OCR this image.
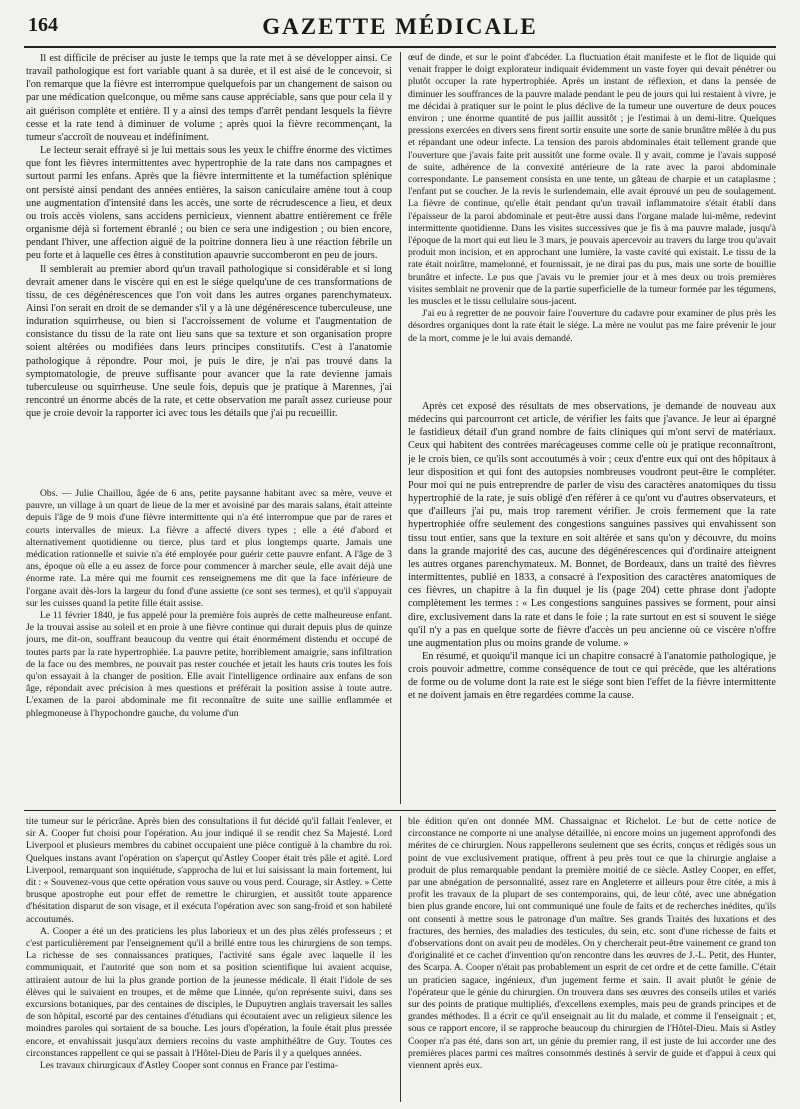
164	GAZETTE MÉDICALE

Il est difficile de préciser au juste le temps que la rate met à se développer ainsi. Ce travail pathologique est fort variable quant à sa durée, et il est aisé de le concevoir, si l'on remarque que la fièvre est interrompue quelquefois par un changement de saison ou par une médication quelconque, ou même sans cause appréciable, sans que pour cela il y ait guérison complète et entière. Il y a ainsi des temps d'arrêt pendant lesquels la fièvre cesse et la rate tend à diminuer de volume ; après quoi la fièvre recommençant, la tumeur s'accroît de nouveau et indéfiniment.

Le lecteur serait effrayé si je lui mettais sous les yeux le chiffre énorme des victimes que font les fièvres intermittentes avec hypertrophie de la rate dans nos campagnes et surtout parmi les enfans. Après que la fièvre intermittente et la tuméfaction splénique ont persisté ainsi pendant des années entières, la saison caniculaire amène tout à coup une augmentation d'intensité dans les accès, une sorte de récrudescence a lieu, et deux ou trois accès violens, sans accidens pernicieux, viennent abattre entièrement ce frêle organisme déjà si fortement ébranlé ; ou bien ce sera une indigestion ; ou bien encore, pendant l'hiver, une affection aiguë de la poitrine donnera lieu à une réaction fébrile un peu forte et à laquelle ces êtres à constitution apauvrie succomberont en peu de jours.

Il semblerait au premier abord qu'un travail pathologique si considérable et si long devrait amener dans le viscère qui en est le siége quelqu'une de ces transformations de tissu, de ces dégénérescences que l'on voit dans les autres organes parenchymateux. Ainsi l'on serait en droit de se demander s'il y a là une dégénérescence tuberculeuse, une induration squirrheuse, ou bien si l'accroissement de volume et l'augmentation de consistance du tissu de la rate ont lieu sans que sa texture et son organisation propre soient altérées ou modifiées dans leurs principes constitutifs. C'est à l'anatomie pathologique à répondre. Pour moi, je puis le dire, je n'ai pas trouvé dans la symptomatologie, de preuve suffisante pour avancer que la rate devienne jamais tuberculeuse ou squirrheuse. Une seule fois, depuis que je pratique à Marennes, j'ai rencontré un énorme abcès de la rate, et cette observation me paraît assez curieuse pour que je croie devoir la rapporter ici avec tous les détails que j'ai pu recueillir.

Obs. — Julie Chaillou, âgée de 6 ans, petite paysanne habitant avec sa mère, veuve et pauvre, un village à un quart de lieue de la mer et avoisiné par des marais salans, était atteinte depuis l'âge de 9 mois d'une fièvre intermittente qui n'a été interrompue que par de rares et courts intervalles de mieux. La fièvre a affecté divers types ; elle a été d'abord et alternativement quotidienne ou tierce, plus tard et plus longtemps quarte. Jamais une médication rationnelle et suivie n'a été employée pour guérir cette pauvre enfant. A l'âge de 3 ans, époque où elle a eu assez de force pour commencer à marcher seule, elle avait déjà une énorme rate. La mère qui me fournit ces renseignemens me dit que la face inférieure de l'organe avait dès-lors la largeur du fond d'une assiette (ce sont ses termes), et qu'il s'appuyait sur les cuisses quand la petite fille était assise.

Le 11 février 1840, je fus appelé pour la première fois auprès de cette malheureuse enfant. Je la trouvai assise au soleil et en proie à une fièvre continue qui durait depuis plus de quinze jours, me dit-on, souffrant beaucoup du ventre qui était énormément distendu et occupé de toutes parts par la rate hypertrophiée. La pauvre petite, horriblement amaigrie, sans infiltration de la face ou des membres, ne pouvait pas rester couchée et jetait les hauts cris toutes les fois qu'on essayait à la changer de position. Elle avait l'intelligence ordinaire aux enfans de son âge, répondait avec précision à mes questions et préférait la position assise à toute autre. L'examen de la paroi abdominale me fit reconnaître de suite une saillie enflammée et phlegmoneuse à l'hypochondre gauche, du volume d'un

œuf de dinde, et sur le point d'abcéder. La fluctuation était manifeste et le flot de liquide qui venait frapper le doigt explorateur indiquait évidemment un vaste foyer qui devait pénétrer ou plutôt occuper la rate hypertrophiée. Après un instant de réflexion, et dans la pensée de diminuer les souffrances de la pauvre malade pendant le peu de jours qui lui restaient à vivre, je me décidai à pratiquer sur le point le plus déclive de la tumeur une ouverture de deux pouces environ ; une énorme quantité de pus jaillit aussitôt ; je l'estimai à un demi-litre. Quelques pressions exercées en divers sens firent sortir ensuite une sorte de sanie brunâtre mêlée à du pus et répandant une odeur infecte. La tension des parois abdominales était tellement grande que l'ouverture que j'avais faite prit aussitôt une forme ovale. Il y avait, comme je l'avais supposé de suite, adhérence de la convexité antérieure de la rate avec la paroi abdominale correspondante. Le pansement consista en une tente, un gâteau de charpie et un cataplasme ; l'enfant put se coucher. Je la revis le surlendemain, elle avait éprouvé un peu de soulagement. La fièvre de continue, qu'elle était pendant qu'un travail inflammatoire s'était établi dans l'épaisseur de la paroi abdominale et peut-être aussi dans l'organe malade lui-même, redevint intermittente quotidienne. Dans les visites successives que je fis à ma pauvre malade, jusqu'à l'époque de la mort qui eut lieu le 3 mars, je pouvais apercevoir au travers du large trou qu'avait produit mon incision, et en approchant une lumière, la vaste cavité qui existait. Le tissu de la rate était noirâtre, mamelonné, et fournissait, je ne dirai pas du pus, mais une sorte de bouillie brunâtre et infecte. Le pus que j'avais vu le premier jour et à mes deux ou trois premières visites semblait ne provenir que de la partie superficielle de la tumeur formée par les tégumens, les muscles et le tissu cellulaire sous-jacent.

J'ai eu à regretter de ne pouvoir faire l'ouverture du cadavre pour examiner de plus près les désordres organiques dont la rate était le siége. La mère ne voulut pas me faire prévenir le jour de la mort, comme je le lui avais demandé.

Après cet exposé des résultats de mes observations, je demande de nouveau aux médecins qui parcourront cet article, de vérifier les faits que j'avance. Je leur ai épargné le fastidieux détail d'un grand nombre de faits cliniques qui m'ont servi de matériaux. Ceux qui habitent des contrées marécageuses comme celle où je pratique reconnaîtront, je le crois bien, ce qu'ils sont accoutumés à voir ; ceux d'entre eux qui ont des hôpitaux à leur disposition et qui font des autopsies nombreuses voudront peut-être le compléter. Pour moi qui ne puis entreprendre de parler de visu des caractères anatomiques du tissu hypertrophié de la rate, je suis obligé d'en référer à ce qu'ont vu d'autres observateurs, et que d'ailleurs j'ai pu, mais trop rarement vérifier. Je crois fermement que la rate hypertrophiée offre seulement des congestions sanguines passives qui envahissent son tissu tout entier, sans que la texture en soit altérée et sans qu'on y découvre, du moins dans la grande majorité des cas, aucune des dégénérescences qui d'ordinaire atteignent les autres organes parenchymateux. M. Bonnet, de Bordeaux, dans un traité des fièvres intermittentes, publié en 1833, a consacré à l'exposition des caractères anatomiques de ces fièvres, un chapitre à la fin duquel je lis (page 204) cette phrase dont j'adopte complètement les termes : « Les congestions sanguines passives se forment, pour ainsi dire, exclusivement dans la rate et dans le foie ; la rate surtout en est si souvent le siége qu'il n'y a pas en quelque sorte de fièvre d'accès un peu ancienne où ce viscère n'offre une augmentation plus ou moins grande de volume. »

En résumé, et quoiqu'il manque ici un chapitre consacré à l'anatomie pathologique, je crois pouvoir admettre, comme conséquence de tout ce qui précède, que les altérations de forme ou de volume dont la rate est le siége sont bien l'effet de la fièvre intermittente et ne doivent jamais en être regardées comme la cause.

tite tumeur sur le péricrâne. Après bien des consultations il fut décidé qu'il fallait l'enlever, et sir A. Cooper fut choisi pour l'opération. Au jour indiqué il se rendit chez Sa Majesté. Lord Liverpool et plusieurs membres du cabinet occupaient une pièce contiguë à la chambre du roi. Quelques instans avant l'opération on s'aperçut qu'Astley Cooper était très pâle et agité. Lord Liverpool, remarquant son inquiétude, s'approcha de lui et lui saisissant la main fortement, lui dit : « Souvenez-vous que cette opération vous sauve ou vous perd. Courage, sir Astley. » Cette brusque apostrophe eut pour effet de remettre le chirurgien, et aussitôt toute apparence d'hésitation disparut de son visage, et il exécuta l'opération avec son sang-froid et son habileté accoutumés.

A. Cooper a été un des praticiens les plus laborieux et un des plus zélés professeurs ; et c'est particulièrement par l'enseignement qu'il a brillé entre tous les chirurgiens de son temps. La richesse de ses connaissances pratiques, l'activité sans égale avec laquelle il les communiquait, et l'autorité que son nom et sa position scientifique lui avaient acquise, attiraient autour de lui la plus grande portion de la jeunesse médicale. Il était l'idole de ses élèves qui le suivaient en troupes, et de même que Linnée, qu'on représente suivi, dans ses excursions botaniques, par des centaines de disciples, le Dupuytren anglais traversait les salles de son hôpital, escorté par des centaines d'étudians qui écoutaient avec un religieux silence les moindres paroles qui sortaient de sa bouche. Les jours d'opération, la foule était plus pressée encore, et envahissait jusqu'aux derniers recoins du vaste amphithéâtre de Guy. Toutes ces circonstances rappellent ce qui se passait à l'Hôtel-Dieu de Paris il y a quelques années.

Les travaux chirurgicaux d'Astley Cooper sont connus en France par l'estima-

ble édition qu'en ont donnée MM. Chassaignac et Richelot. Le but de cette notice de circonstance ne comporte ni une analyse détaillée, ni encore moins un jugement approfondi des mérites de ce chirurgien. Nous rappellerons seulement que ses écrits, conçus et rédigés sous un point de vue exclusivement pratique, offrent à peu près tout ce que la chirurgie anglaise a produit de plus remarquable pendant la première moitié de ce siècle. Astley Cooper, en effet, par une abnégation de personnalité, assez rare en Angleterre et ailleurs pour être citée, a mis à profit les travaux de la plupart de ses contemporains, qui, de leur côté, avec une abnégation bien plus grande encore, lui ont communiqué une foule de faits et de recherches inédites, qu'ils ont consenti à mettre sous le patronage d'un maître. Ses grands Traités des luxations et des fractures, des hernies, des maladies des testicules, du sein, etc. sont d'une richesse de faits et d'observations dont on avait peu de modèles. On y chercherait peut-être vainement ce grand ton d'originalité et ce cachet d'invention qu'on rencontre dans les œuvres de J.-L. Petit, des Hunter, des Scarpa. A. Cooper n'était pas probablement un esprit de cet ordre et de cette famille. C'était un praticien sagace, ingénieux, d'un jugement ferme et sain. Il avait plutôt le génie de l'opérateur que le génie du chirurgien. On trouvera dans ses œuvres des conseils utiles et variés sur des points de pratique multipliés, d'excellens exemples, mais peu de grands principes et de grandes méthodes. Il a écrit ce qu'il enseignait au lit du malade, et comme il l'enseignait ; et, sous ce rapport encore, il se rapproche beaucoup du chirurgien de l'Hôtel-Dieu. Mais si Astley Cooper n'a pas été, dans son art, un génie du premier rang, il est juste de lui accorder une des premières places parmi ces maîtres consommés destinés à servir de guide et d'appui à ceux qui viennent après eux.
